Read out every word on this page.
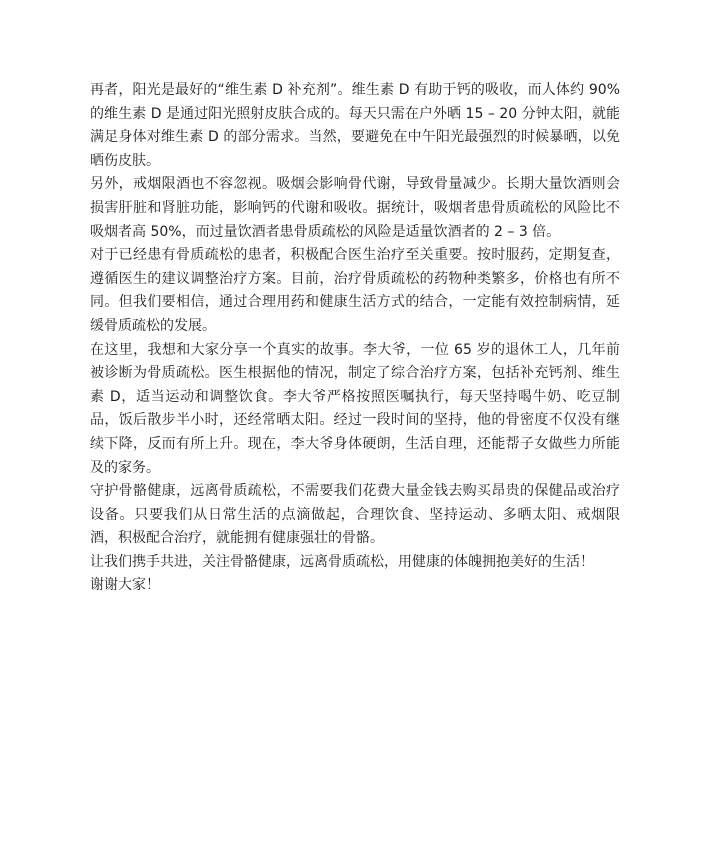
再者，阳光是最好的“维生素 D 补充剂”。维生素 D 有助于钙的吸收，而人体约 90% 的维生素 D 是通过阳光照射皮肤合成的。每天只需在户外晒 15 – 20 分钟太阳，就能满足身体对维生素 D 的部分需求。当然，要避免在中午阳光最强烈的时候暴晒，以免晒伤皮肤。

另外，戒烟限酒也不容忽视。吸烟会影响骨代谢，导致骨量减少。长期大量饮酒则会损害肝脏和肾脏功能，影响钙的代谢和吸收。据统计，吸烟者患骨质疏松的风险比不吸烟者高 50%，而过量饮酒者患骨质疏松的风险是适量饮酒者的 2 – 3 倍。

对于已经患有骨质疏松的患者，积极配合医生治疗至关重要。按时服药，定期复查，遵循医生的建议调整治疗方案。目前，治疗骨质疏松的药物种类繁多，价格也有所不同。但我们要相信，通过合理用药和健康生活方式的结合，一定能有效控制病情，延缓骨质疏松的发展。

在这里，我想和大家分享一个真实的故事。李大爷，一位 65 岁的退休工人，几年前被诊断为骨质疏松。医生根据他的情况，制定了综合治疗方案，包括补充钙剂、维生素 D，适当运动和调整饮食。李大爷严格按照医嘱执行，每天坚持喝牛奶、吃豆制品，饭后散步半小时，还经常晒太阳。经过一段时间的坚持，他的骨密度不仅没有继续下降，反而有所上升。现在，李大爷身体硬朗，生活自理，还能帮子女做些力所能及的家务。

守护骨骼健康，远离骨质疏松，不需要我们花费大量金钱去购买昂贵的保健品或治疗设备。只要我们从日常生活的点滴做起，合理饮食、坚持运动、多晒太阳、戒烟限酒，积极配合治疗，就能拥有健康强壮的骨骼。

让我们携手共进，关注骨骼健康，远离骨质疏松，用健康的体魄拥抱美好的生活！

谢谢大家！
